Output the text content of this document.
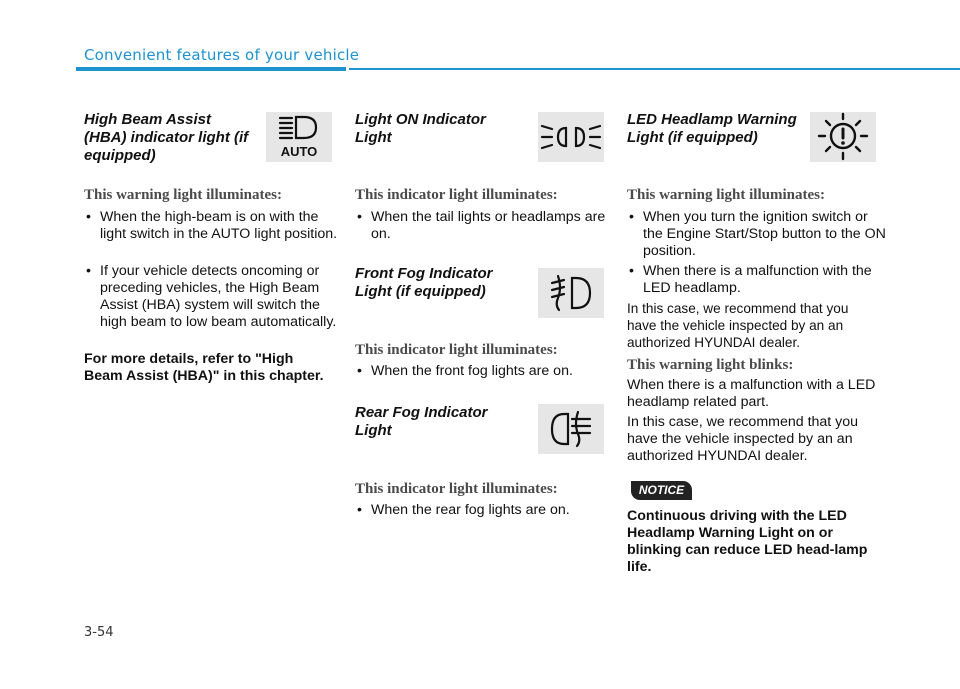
Convenient features of your vehicle
High Beam Assist (HBA) indicator light (if equipped)	AUTO
This warning light illuminates:
• When the high-beam is on with the light switch in the AUTO light position.
• If your vehicle detects oncoming or preceding vehicles, the High Beam Assist (HBA) system will switch the high beam to low beam automatically.

For more details, refer to "High Beam Assist (HBA)" in this chapter.

Light ON Indicator Light
This indicator light illuminates:
• When the tail lights or headlamps are on.
Front Fog Indicator Light (if equipped)
This indicator light illuminates:
• When the front fog lights are on.
Rear Fog Indicator Light
This indicator light illuminates:
• When the rear fog lights are on.
LED Headlamp Warning Light (if equipped)
This warning light illuminates:
• When you turn the ignition switch or the Engine Start/Stop button to the ON position.
• When there is a malfunction with the LED headlamp.

In this case, we recommend that you have the vehicle inspected by an an authorized HYUNDAI dealer.

This warning light blinks:

When there is a malfunction with a LED headlamp related part.

In this case, we recommend that you have the vehicle inspected by an an authorized HYUNDAI dealer.

NOTICE

Continuous driving with the LED Headlamp Warning Light on or blinking can reduce LED head-lamp life.

3-54
